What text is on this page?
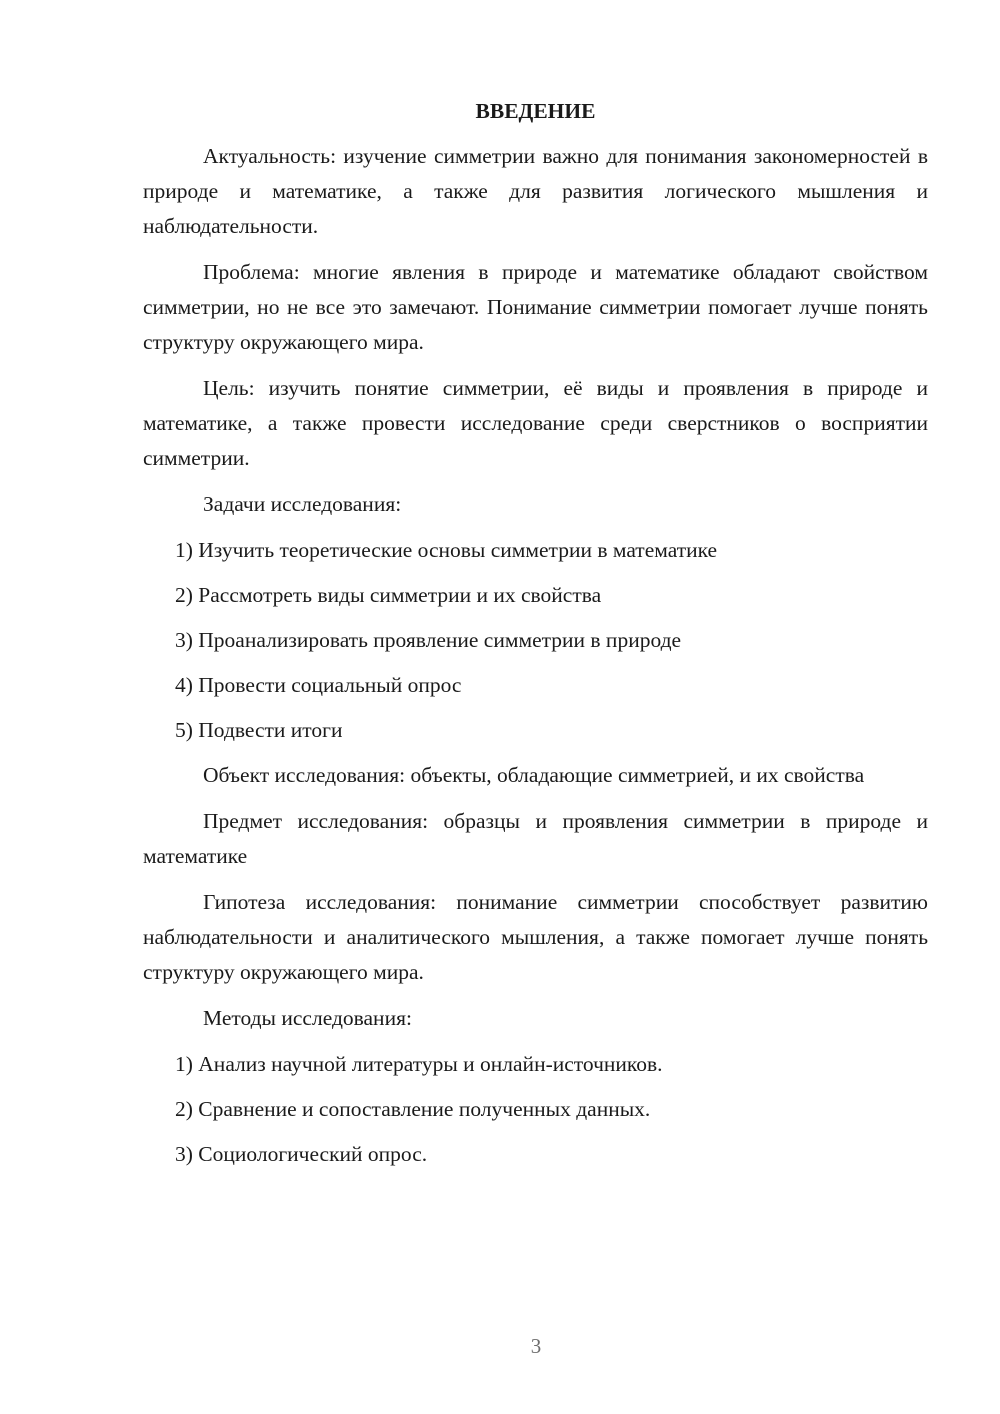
ВВЕДЕНИЕ

Актуальность: изучение симметрии важно для понимания закономерностей в природе и математике, а также для развития логического мышления и наблюдательности.

Проблема: многие явления в природе и математике обладают свойством симметрии, но не все это замечают. Понимание симметрии помогает лучше понять структуру окружающего мира.

Цель: изучить понятие симметрии, её виды и проявления в природе и математике, а также провести исследование среди сверстников о восприятии симметрии.

Задачи исследования:

1) Изучить теоретические основы симметрии в математике

2) Рассмотреть виды симметрии и их свойства

3) Проанализировать проявление симметрии в природе

4) Провести социальный опрос

5) Подвести итоги

Объект исследования: объекты, обладающие симметрией, и их свойства

Предмет исследования: образцы и проявления симметрии в природе и математике

Гипотеза исследования: понимание симметрии способствует развитию наблюдательности и аналитического мышления, а также помогает лучше понять структуру окружающего мира.

Методы исследования:

1) Анализ научной литературы и онлайн-источников.

2) Сравнение и сопоставление полученных данных.

3) Социологический опрос.

3
